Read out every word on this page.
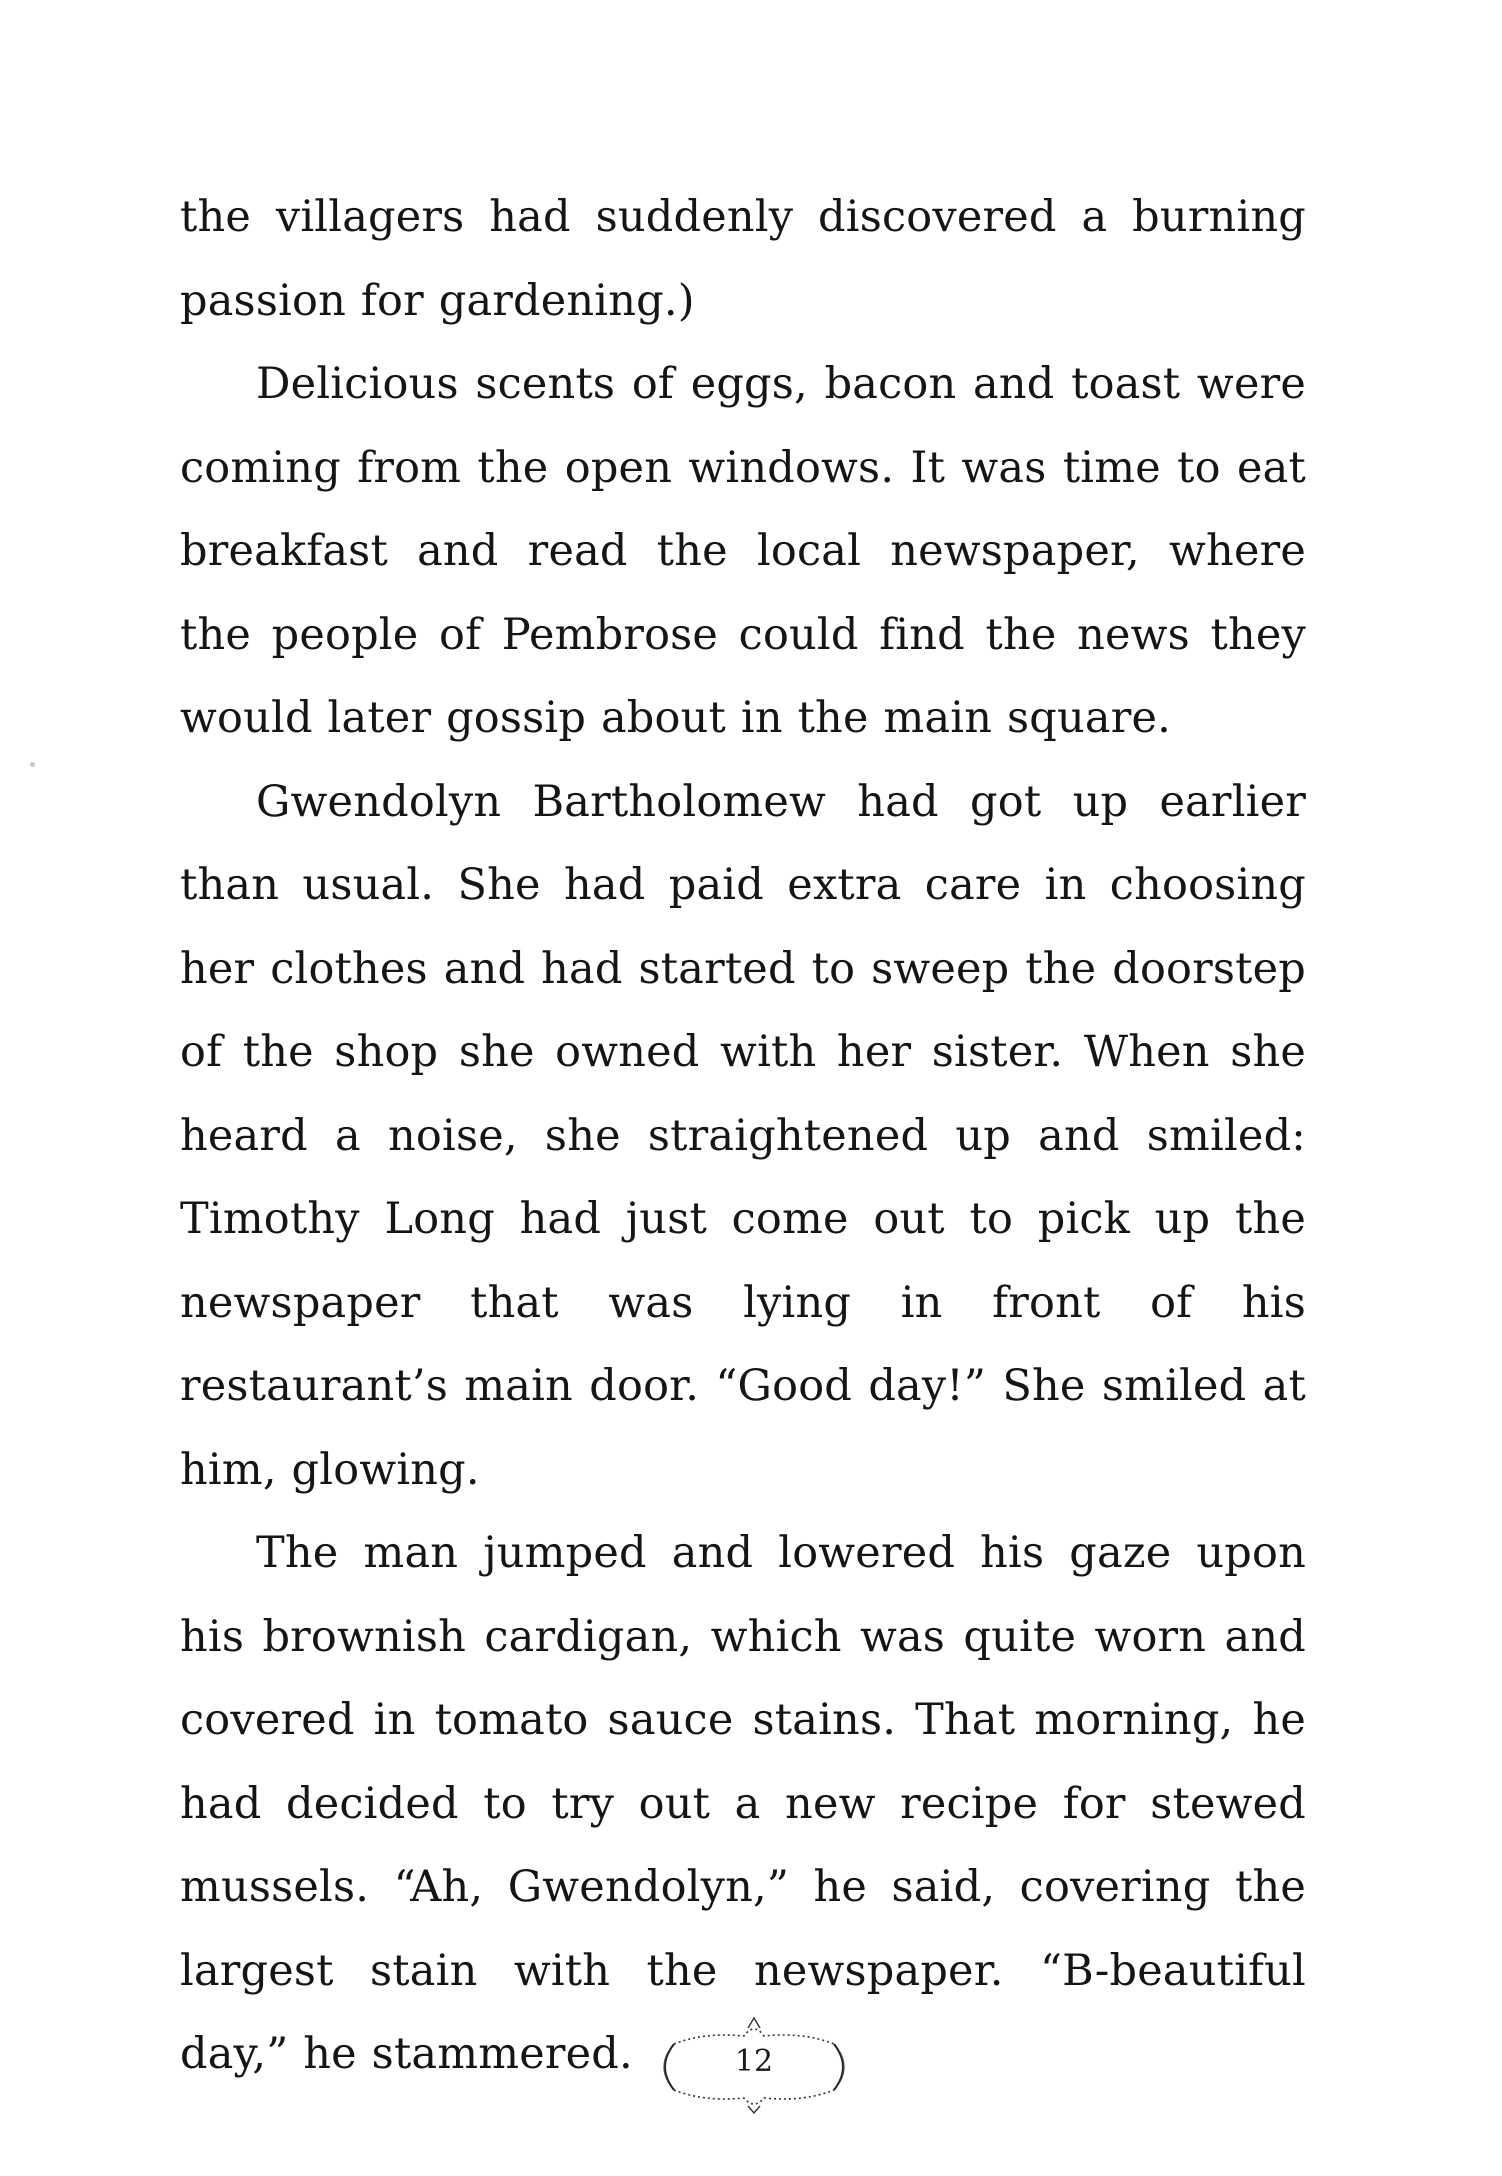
the villagers had suddenly discovered a burning passion for gardening.)

Delicious scents of eggs, bacon and toast were coming from the open windows. It was time to eat breakfast and read the local newspaper, where the people of Pembrose could find the news they would later gossip about in the main square.

Gwendolyn Bartholomew had got up earlier than usual. She had paid extra care in choosing her clothes and had started to sweep the doorstep of the shop she owned with her sister. When she heard a noise, she straightened up and smiled: Timothy Long had just come out to pick up the newspaper that was lying in front of his restaurant’s main door. “Good day!” She smiled at him, glowing.

The man jumped and lowered his gaze upon his brownish cardigan, which was quite worn and covered in tomato sauce stains. That morning, he had decided to try out a new recipe for stewed mussels. “Ah, Gwendolyn,” he said, covering the largest stain with the newspaper. “B-beautiful day,” he stammered.	12
